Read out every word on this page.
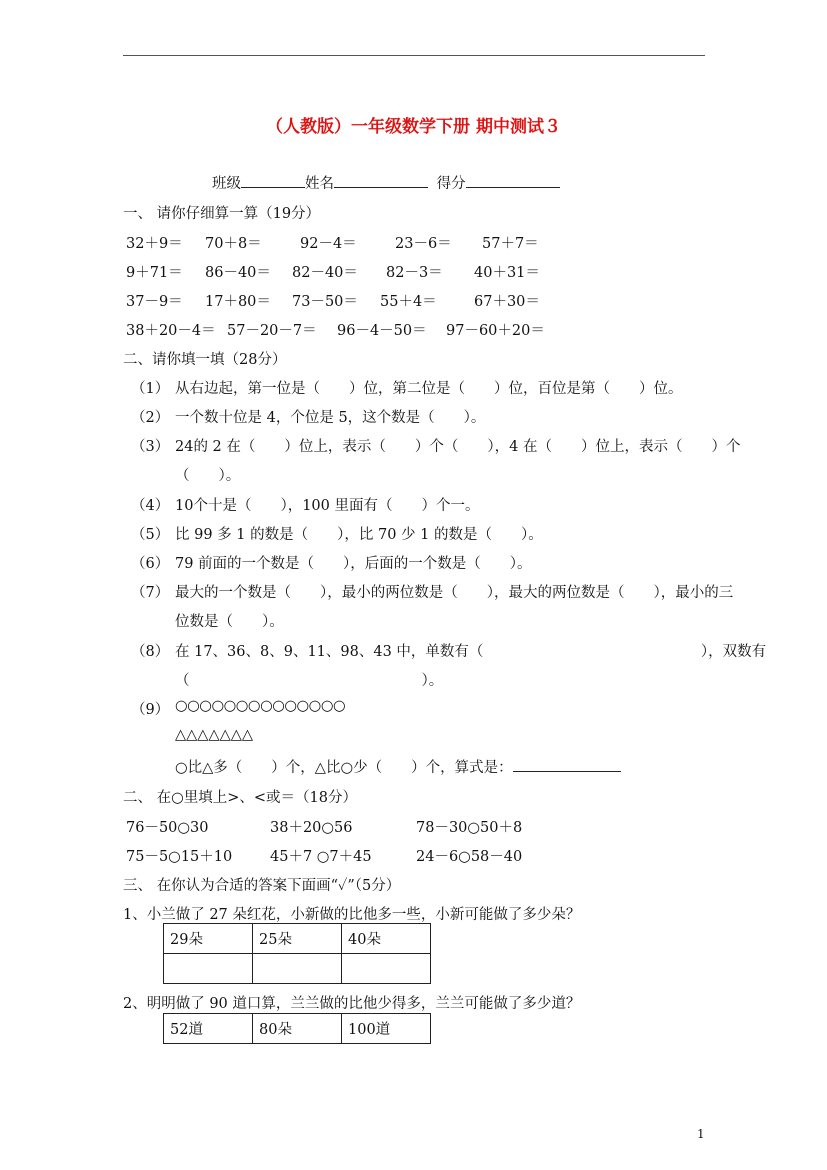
（人教版）一年级数学下册 期中测试３
班级	姓名	得分
一、 请你仔细算一算（19分）
32＋9＝ 70＋8＝	92－4＝	23－6＝ 57＋7＝
9＋71＝ 86－40＝ 82－40＝ 82－3＝ 40＋31＝
37－9＝ 17＋80＝ 73－50＝ 55＋4＝	67＋30＝
38＋20－4＝ 57－20－7＝ 96－4－50＝ 97－60＋20＝
二、请你填一填（28分）
（1） 从右边起，第一位是（　　）位，第二位是（　　）位，百位是第（　　）位。
（2） 一个数十位是 4，个位是 5，这个数是（　　）。
（3） 24的 2 在（　　）位上，表示（　　）个（　　），4 在（　　）位上，表示（　　）个
（　　）。
（4） 10个十是（　　），100 里面有（　　）个一。
（5） 比 99 多 1 的数是（　　），比 70 少 1 的数是（　　）。
（6） 79 前面的一个数是（　　），后面的一个数是（　　）。
（7） 最大的一个数是（　　），最小的两位数是（　　），最大的两位数是（　　），最小的三
位数是（　　）。
（8） 在 17、36、8、9、11、98、43 中，单数有（　　　　　　　　　　　　　　　），双数有
（　　　　　　　　　　　　　　　　）。
（9） ○○○○○○○○○○○○○○
△△△△△△△
○比△多（　　）个，△比○少（　　）个，算式是：
二、 在○里填上>、<或＝（18分）
76－50○30	38＋20○56	78－30○50＋8
75－5○15＋10	45＋7 ○7＋45	24－6○58－40
三、 在你认为合适的答案下面画“✓”（5分）
1、小兰做了 27 朵红花，小新做的比他多一些，小新可能做了多少朵？
29朵	25朵	40朵

2、明明做了 90 道口算，兰兰做的比他少得多，兰兰可能做了多少道？
52道	80朵	100道
1
